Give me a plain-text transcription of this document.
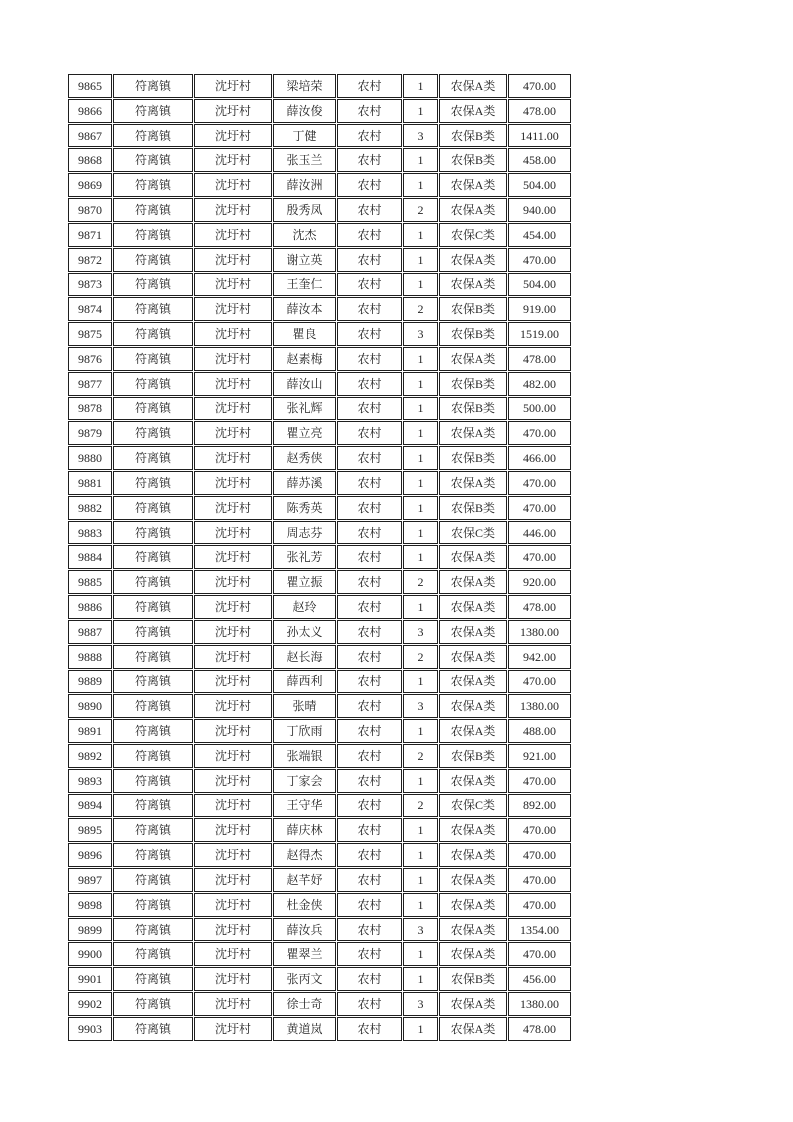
9865	符离镇	沈圩村	梁培荣	农村	1	农保A类	470.00
9866	符离镇	沈圩村	薛汝俊	农村	1	农保A类	478.00
9867	符离镇	沈圩村	丁健	农村	3	农保B类	1411.00
9868	符离镇	沈圩村	张玉兰	农村	1	农保B类	458.00
9869	符离镇	沈圩村	薛汝洲	农村	1	农保A类	504.00
9870	符离镇	沈圩村	殷秀凤	农村	2	农保A类	940.00
9871	符离镇	沈圩村	沈杰	农村	1	农保C类	454.00
9872	符离镇	沈圩村	谢立英	农村	1	农保A类	470.00
9873	符离镇	沈圩村	王奎仁	农村	1	农保A类	504.00
9874	符离镇	沈圩村	薛汝本	农村	2	农保B类	919.00
9875	符离镇	沈圩村	瞿良	农村	3	农保B类	1519.00
9876	符离镇	沈圩村	赵素梅	农村	1	农保A类	478.00
9877	符离镇	沈圩村	薛汝山	农村	1	农保B类	482.00
9878	符离镇	沈圩村	张礼辉	农村	1	农保B类	500.00
9879	符离镇	沈圩村	瞿立亮	农村	1	农保A类	470.00
9880	符离镇	沈圩村	赵秀侠	农村	1	农保B类	466.00
9881	符离镇	沈圩村	薛苏溪	农村	1	农保A类	470.00
9882	符离镇	沈圩村	陈秀英	农村	1	农保B类	470.00
9883	符离镇	沈圩村	周志芬	农村	1	农保C类	446.00
9884	符离镇	沈圩村	张礼芳	农村	1	农保A类	470.00
9885	符离镇	沈圩村	瞿立振	农村	2	农保A类	920.00
9886	符离镇	沈圩村	赵玲	农村	1	农保A类	478.00
9887	符离镇	沈圩村	孙太义	农村	3	农保A类	1380.00
9888	符离镇	沈圩村	赵长海	农村	2	农保A类	942.00
9889	符离镇	沈圩村	薛西利	农村	1	农保A类	470.00
9890	符离镇	沈圩村	张晴	农村	3	农保A类	1380.00
9891	符离镇	沈圩村	丁欣雨	农村	1	农保A类	488.00
9892	符离镇	沈圩村	张端银	农村	2	农保B类	921.00
9893	符离镇	沈圩村	丁家会	农村	1	农保A类	470.00
9894	符离镇	沈圩村	王守华	农村	2	农保C类	892.00
9895	符离镇	沈圩村	薛庆林	农村	1	农保A类	470.00
9896	符离镇	沈圩村	赵得杰	农村	1	农保A类	470.00
9897	符离镇	沈圩村	赵芊妤	农村	1	农保A类	470.00
9898	符离镇	沈圩村	杜金侠	农村	1	农保A类	470.00
9899	符离镇	沈圩村	薛汝兵	农村	3	农保A类	1354.00
9900	符离镇	沈圩村	瞿翠兰	农村	1	农保A类	470.00
9901	符离镇	沈圩村	张丙文	农村	1	农保B类	456.00
9902	符离镇	沈圩村	徐士奇	农村	3	农保A类	1380.00
9903	符离镇	沈圩村	黄道岚	农村	1	农保A类	478.00
